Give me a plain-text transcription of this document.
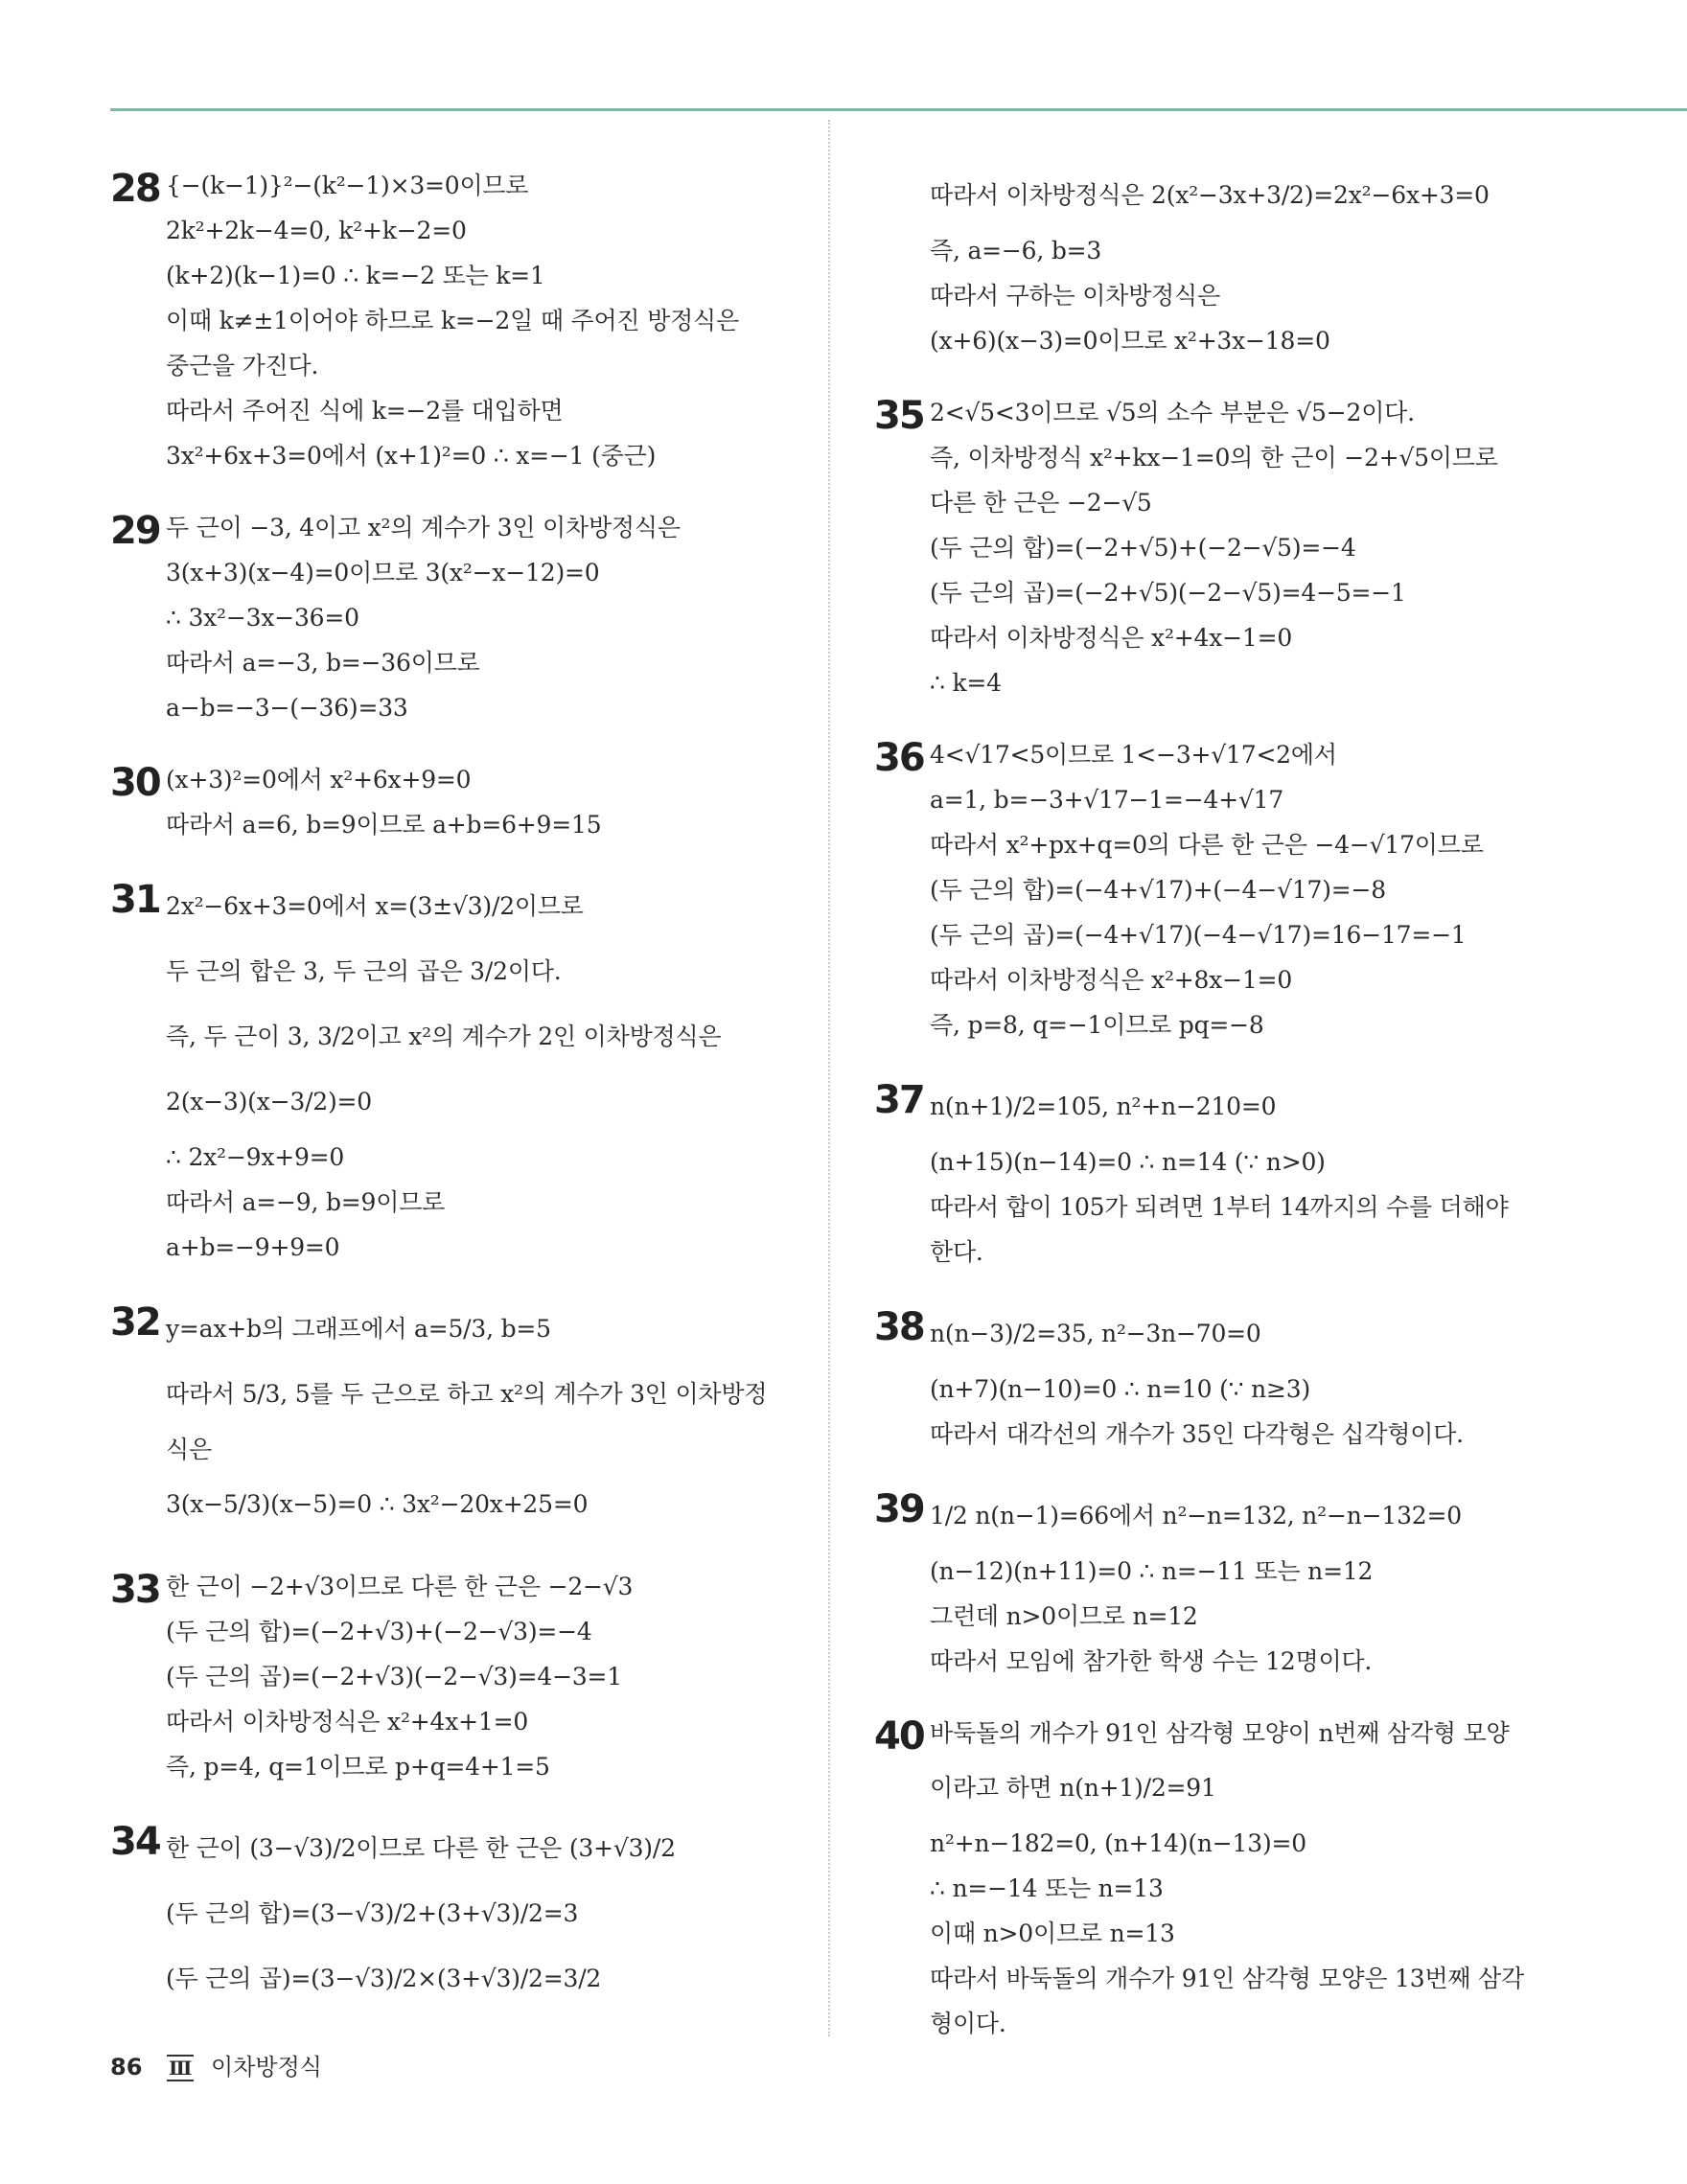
28 {−(k−1)}²−(k²−1)×3=0이므로
2k²+2k−4=0, k²+k−2=0
(k+2)(k−1)=0 ∴ k=−2 또는 k=1
이때 k≠±1이어야 하므로 k=−2일 때 주어진 방정식은
중근을 가진다.
따라서 주어진 식에 k=−2를 대입하면
3x²+6x+3=0에서 (x+1)²=0 ∴ x=−1 (중근)
29 두 근이 −3, 4이고 x²의 계수가 3인 이차방정식은
3(x+3)(x−4)=0이므로 3(x²−x−12)=0
∴ 3x²−3x−36=0
따라서 a=−3, b=−36이므로
a−b=−3−(−36)=33
30 (x+3)²=0에서 x²+6x+9=0
따라서 a=6, b=9이므로 a+b=6+9=15
31 2x²−6x+3=0에서 x=(3±√3)/2이므로
두 근의 합은 3, 두 근의 곱은 3/2이다.
즉, 두 근이 3, 3/2이고 x²의 계수가 2인 이차방정식은
2(x−3)(x−3/2)=0
∴ 2x²−9x+9=0
따라서 a=−9, b=9이므로
a+b=−9+9=0
32 y=ax+b의 그래프에서 a=5/3, b=5
따라서 5/3, 5를 두 근으로 하고 x²의 계수가 3인 이차방정
식은
3(x−5/3)(x−5)=0 ∴ 3x²−20x+25=0
33 한 근이 −2+√3이므로 다른 한 근은 −2−√3
(두 근의 합)=(−2+√3)+(−2−√3)=−4
(두 근의 곱)=(−2+√3)(−2−√3)=4−3=1
따라서 이차방정식은 x²+4x+1=0
즉, p=4, q=1이므로 p+q=4+1=5
34 한 근이 (3−√3)/2이므로 다른 한 근은 (3+√3)/2
(두 근의 합)=(3−√3)/2+(3+√3)/2=3
(두 근의 곱)=(3−√3)/2×(3+√3)/2=3/2
따라서 이차방정식은 2(x²−3x+3/2)=2x²−6x+3=0
즉, a=−6, b=3
따라서 구하는 이차방정식은
(x+6)(x−3)=0이므로 x²+3x−18=0
35 2<√5<3이므로 √5의 소수 부분은 √5−2이다.
즉, 이차방정식 x²+kx−1=0의 한 근이 −2+√5이므로
다른 한 근은 −2−√5
(두 근의 합)=(−2+√5)+(−2−√5)=−4
(두 근의 곱)=(−2+√5)(−2−√5)=4−5=−1
따라서 이차방정식은 x²+4x−1=0
∴ k=4
36 4<√17<5이므로 1<−3+√17<2에서
a=1, b=−3+√17−1=−4+√17
따라서 x²+px+q=0의 다른 한 근은 −4−√17이므로
(두 근의 합)=(−4+√17)+(−4−√17)=−8
(두 근의 곱)=(−4+√17)(−4−√17)=16−17=−1
따라서 이차방정식은 x²+8x−1=0
즉, p=8, q=−1이므로 pq=−8
37 n(n+1)/2=105, n²+n−210=0
(n+15)(n−14)=0 ∴ n=14 (∵ n>0)
따라서 합이 105가 되려면 1부터 14까지의 수를 더해야
한다.
38 n(n−3)/2=35, n²−3n−70=0
(n+7)(n−10)=0 ∴ n=10 (∵ n≥3)
따라서 대각선의 개수가 35인 다각형은 십각형이다.
39 1/2 n(n−1)=66에서 n²−n=132, n²−n−132=0
(n−12)(n+11)=0 ∴ n=−11 또는 n=12
그런데 n>0이므로 n=12
따라서 모임에 참가한 학생 수는 12명이다.
40 바둑돌의 개수가 91인 삼각형 모양이 n번째 삼각형 모양
이라고 하면 n(n+1)/2=91
n²+n−182=0, (n+14)(n−13)=0
∴ n=−14 또는 n=13
이때 n>0이므로 n=13
따라서 바둑돌의 개수가 91인 삼각형 모양은 13번째 삼각
형이다.
86 Ⅲ 이차방정식
